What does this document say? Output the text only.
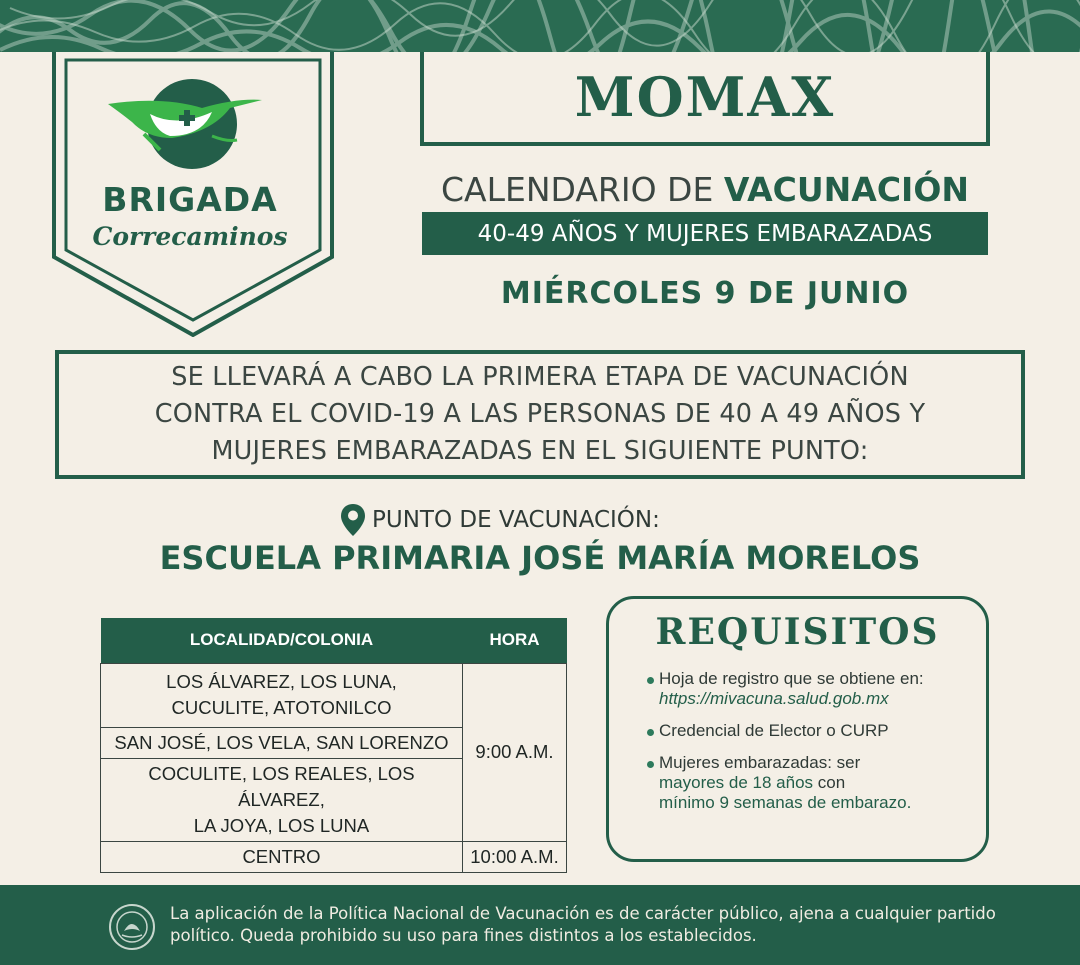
BRIGADA
Correcaminos
MOMAX
CALENDARIO DE VACUNACIÓN
40-49 AÑOS Y MUJERES EMBARAZADAS
MIÉRCOLES 9 DE JUNIO

SE LLEVARÁ A CABO LA PRIMERA ETAPA DE VACUNACIÓN
CONTRA EL COVID-19 A LAS PERSONAS DE 40 A 49 AÑOS Y
MUJERES EMBARAZADAS EN EL SIGUIENTE PUNTO:

PUNTO DE VACUNACIÓN:
ESCUELA PRIMARIA JOSÉ MARÍA MORELOS
LOCALIDAD/COLONIA	HORA
LOS ÁLVAREZ, LOS LUNA,
CUCULITE, ATOTONILCO	9:00 A.M.
SAN JOSÉ, LOS VELA, SAN LORENZO	
COCULITE, LOS REALES, LOS ÁLVAREZ,
LA JOYA, LOS LUNA	
CENTRO	10:00 A.M.
REQUISITOS
Hoja de registro que se obtiene en: https://mivacuna.salud.gob.mx
Credencial de Elector o CURP
Mujeres embarazadas: ser
mayores de 18 años con
mínimo 9 semanas de embarazo.
La aplicación de la Política Nacional de Vacunación es de carácter público, ajena a cualquier partido político. Queda prohibido su uso para fines distintos a los establecidos.
